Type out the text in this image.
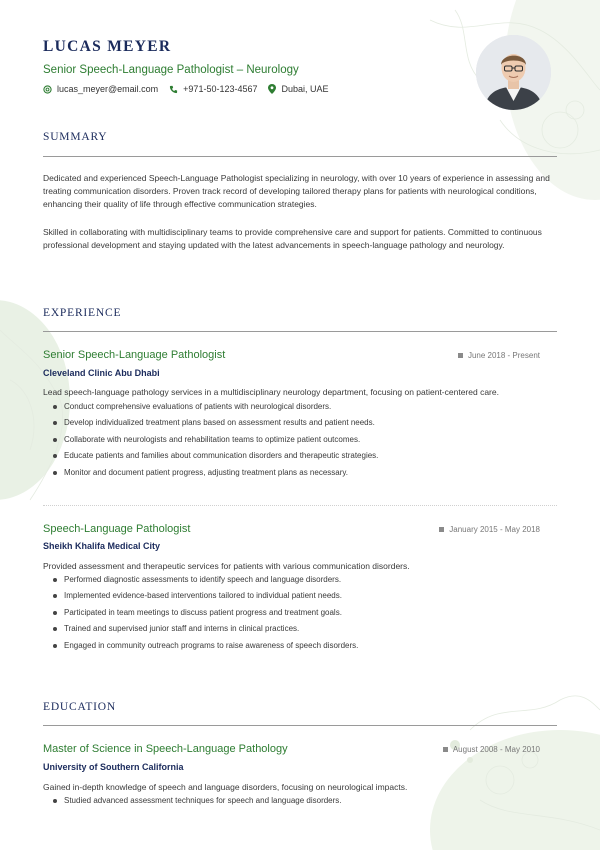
LUCAS MEYER
Senior Speech-Language Pathologist – Neurology
lucas_meyer@email.com	+971-50-123-4567	Dubai, UAE
SUMMARY

Dedicated and experienced Speech-Language Pathologist specializing in neurology, with over 10 years of experience in assessing and treating communication disorders. Proven track record of developing tailored therapy plans for patients with neurological conditions, enhancing their quality of life through effective communication strategies.

Skilled in collaborating with multidisciplinary teams to provide comprehensive care and support for patients. Committed to continuous professional development and staying updated with the latest advancements in speech-language pathology and neurology.

EXPERIENCE
Senior Speech-Language Pathologist	June 2018 - Present
Cleveland Clinic Abu Dhabi
Lead speech-language pathology services in a multidisciplinary neurology department, focusing on patient-centered care.
Conduct comprehensive evaluations of patients with neurological disorders.
Develop individualized treatment plans based on assessment results and patient needs.
Collaborate with neurologists and rehabilitation teams to optimize patient outcomes.
Educate patients and families about communication disorders and therapeutic strategies.
Monitor and document patient progress, adjusting treatment plans as necessary.
Speech-Language Pathologist	January 2015 - May 2018
Sheikh Khalifa Medical City
Provided assessment and therapeutic services for patients with various communication disorders.
Performed diagnostic assessments to identify speech and language disorders.
Implemented evidence-based interventions tailored to individual patient needs.
Participated in team meetings to discuss patient progress and treatment goals.
Trained and supervised junior staff and interns in clinical practices.
Engaged in community outreach programs to raise awareness of speech disorders.
EDUCATION
Master of Science in Speech-Language Pathology	August 2008 - May 2010
University of Southern California
Gained in-depth knowledge of speech and language disorders, focusing on neurological impacts.
Studied advanced assessment techniques for speech and language disorders.
